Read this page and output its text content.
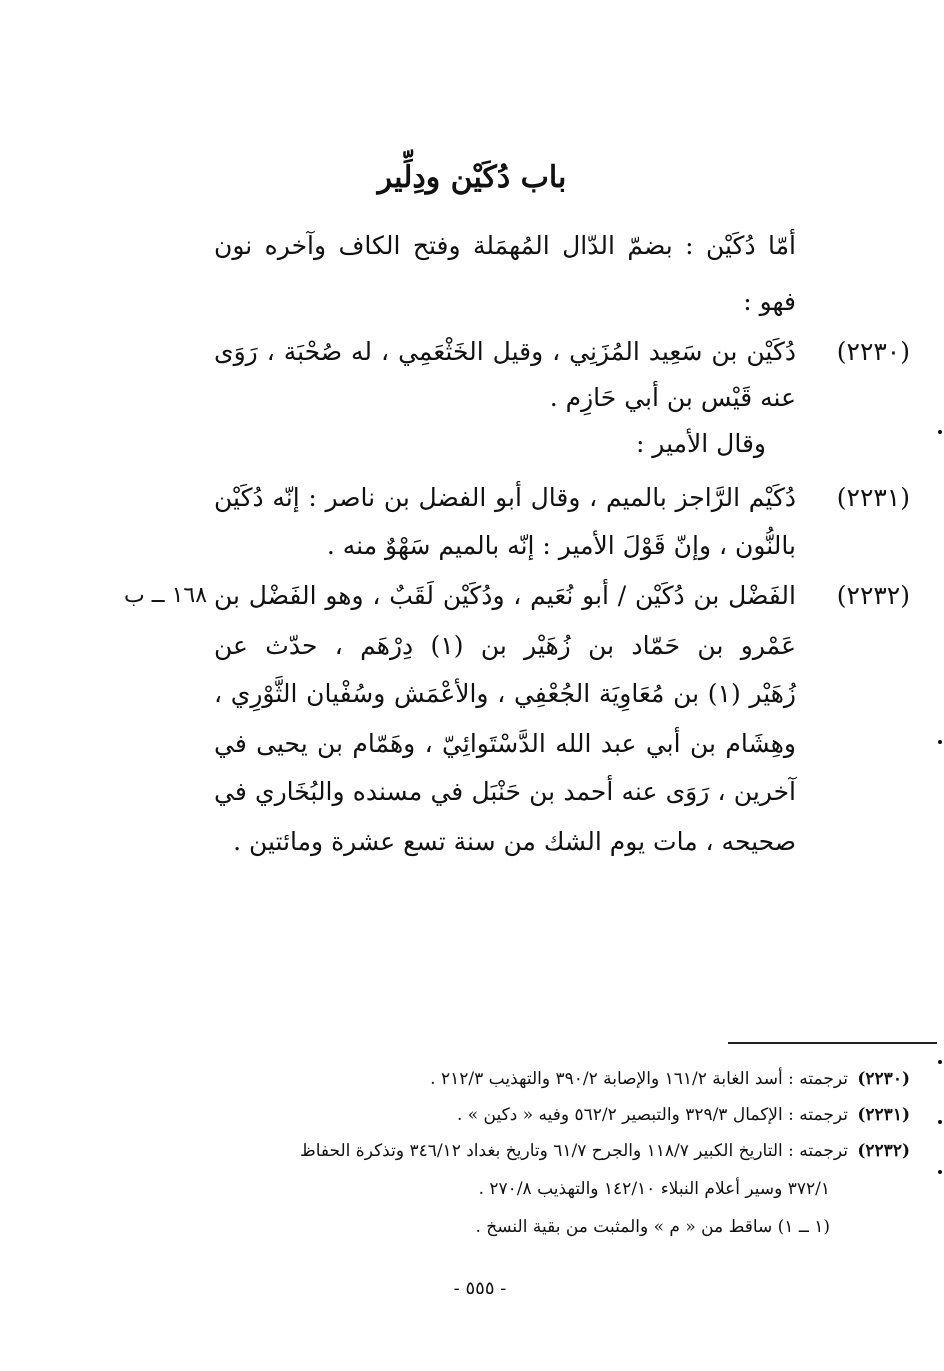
باب دُكَيْن ودِلِّير
أمّا دُكَيْن : بضمّ الدّال المُهمَلة وفتح الكاف وآخره نون
فهو :
(٢٢٣٠)
دُكَيْن بن سَعِيد المُزَنِي ، وقيل الخَثْعَمِي ، له صُحْبَة ، رَوَى
عنه قَيْس بن أبي حَازِم .
وقال الأمير :
(٢٢٣١)
دُكَيْم الرَّاجز بالميم ، وقال أبو الفضل بن ناصر : إنّه دُكَيْن
بالنُّون ، وإنّ قَوْلَ الأمير : إنّه بالميم سَهْوٌ منه .
(٢٢٣٢)
١٦٨ ــ ب الفَضْل بن دُكَيْن / أبو نُعَيم ، ودُكَيْن لَقَبٌ ، وهو الفَضْل بن
عَمْرو بن حَمّاد بن زُهَيْر بن (١) دِرْهَم ، حدّث عن
زُهَيْر (١) بن مُعَاوِيَة الجُعْفِي ، والأعْمَش وسُفْيان الثَّوْرِي ،
وهِشَام بن أبي عبد الله الدَّسْتَوائِيّ ، وهَمّام بن يحيى في
آخرين ، رَوَى عنه أحمد بن حَنْبَل في مسنده والبُخَاري في
صحيحه ، مات يوم الشك من سنة تسع عشرة ومائتين .
(٢٢٣٠) ترجمته : أسد الغابة ١٦١/٢ والإصابة ٣٩٠/٢ والتهذيب ٢١٢/٣ .
(٢٢٣١) ترجمته : الإكمال ٣٢٩/٣ والتبصير ٥٦٢/٢ وفيه « دكين » .
(٢٢٣٢) ترجمته : التاريخ الكبير ١١٨/٧ والجرح ٦١/٧ وتاريخ بغداد ٣٤٦/١٢ وتذكرة الحفاظ
٣٧٢/١ وسير أعلام النبلاء ١٤٢/١٠ والتهذيب ٢٧٠/٨ .
(١ ــ ١) ساقط من « م » والمثبت من بقية النسخ .
- ٥٥٥ -
